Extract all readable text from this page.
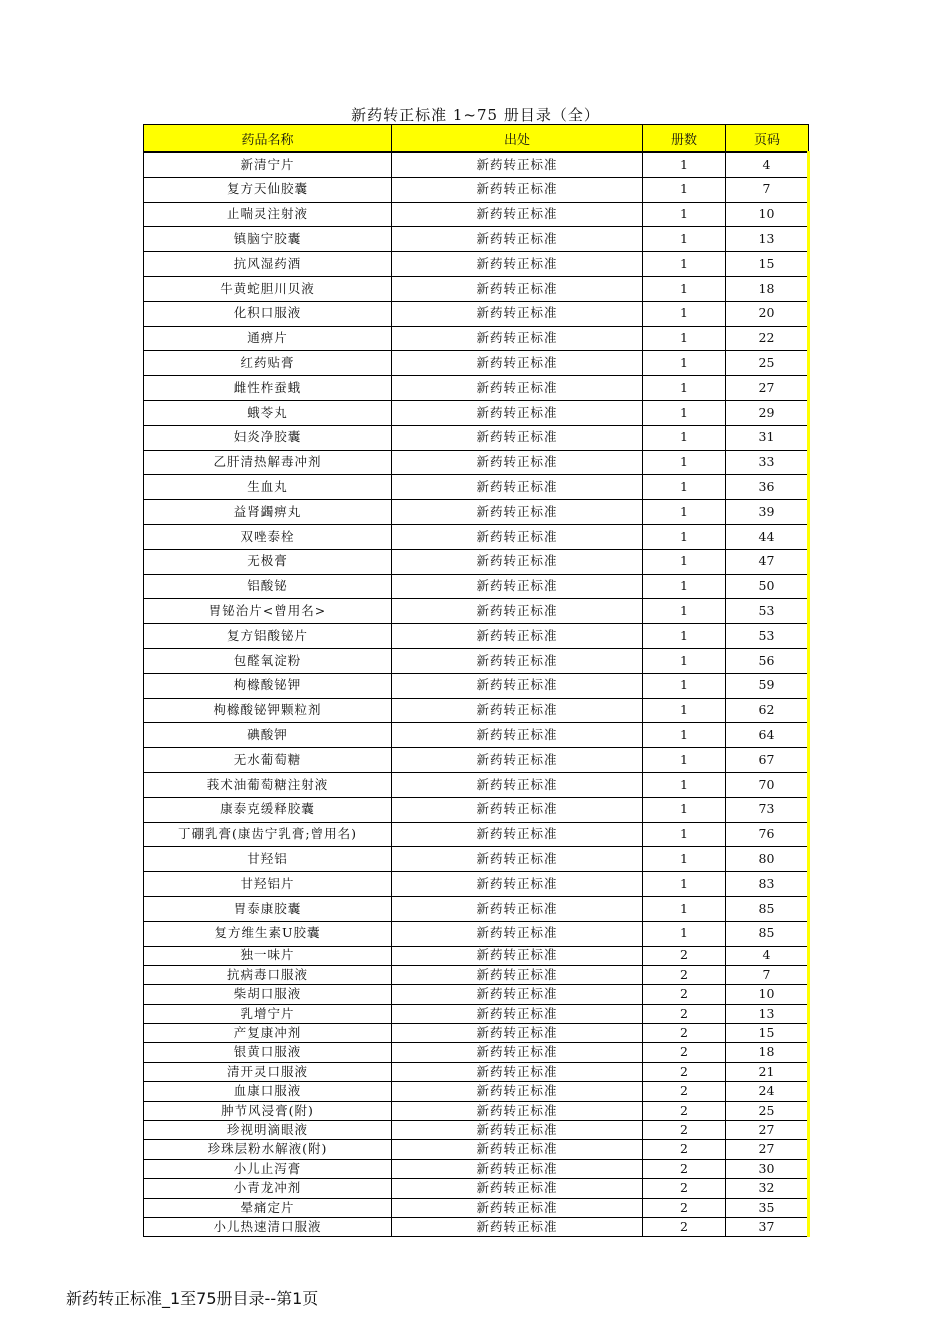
新药转正标准 1~75 册目录（全）
药品名称	出处	册数	页码
新清宁片	新药转正标准	1	4
复方天仙胶囊	新药转正标准	1	7
止喘灵注射液	新药转正标准	1	10
镇脑宁胶囊	新药转正标准	1	13
抗风湿药酒	新药转正标准	1	15
牛黄蛇胆川贝液	新药转正标准	1	18
化积口服液	新药转正标准	1	20
通痹片	新药转正标准	1	22
红药贴膏	新药转正标准	1	25
雌性柞蚕蛾	新药转正标准	1	27
蛾苓丸	新药转正标准	1	29
妇炎净胶囊	新药转正标准	1	31
乙肝清热解毒冲剂	新药转正标准	1	33
生血丸	新药转正标准	1	36
益肾蠲痹丸	新药转正标准	1	39
双唑泰栓	新药转正标准	1	44
无极膏	新药转正标准	1	47
铝酸铋	新药转正标准	1	50
胃铋治片<曾用名>	新药转正标准	1	53
复方铝酸铋片	新药转正标准	1	53
包醛氧淀粉	新药转正标准	1	56
枸橼酸铋钾	新药转正标准	1	59
枸橼酸铋钾颗粒剂	新药转正标准	1	62
碘酸钾	新药转正标准	1	64
无水葡萄糖	新药转正标准	1	67
莪术油葡萄糖注射液	新药转正标准	1	70
康泰克缓释胶囊	新药转正标准	1	73
丁硼乳膏(康齿宁乳膏;曾用名)	新药转正标准	1	76
甘羟铝	新药转正标准	1	80
甘羟铝片	新药转正标准	1	83
胃泰康胶囊	新药转正标准	1	85
复方维生素U胶囊	新药转正标准	1	85
独一味片	新药转正标准	2	4
抗病毒口服液	新药转正标准	2	7
柴胡口服液	新药转正标准	2	10
乳增宁片	新药转正标准	2	13
产复康冲剂	新药转正标准	2	15
银黄口服液	新药转正标准	2	18
清开灵口服液	新药转正标准	2	21
血康口服液	新药转正标准	2	24
肿节风浸膏(附)	新药转正标准	2	25
珍视明滴眼液	新药转正标准	2	27
珍珠层粉水解液(附)	新药转正标准	2	27
小儿止泻膏	新药转正标准	2	30
小青龙冲剂	新药转正标准	2	32
晕痛定片	新药转正标准	2	35
小儿热速清口服液	新药转正标准	2	37
新药转正标准_1至75册目录--第1页
